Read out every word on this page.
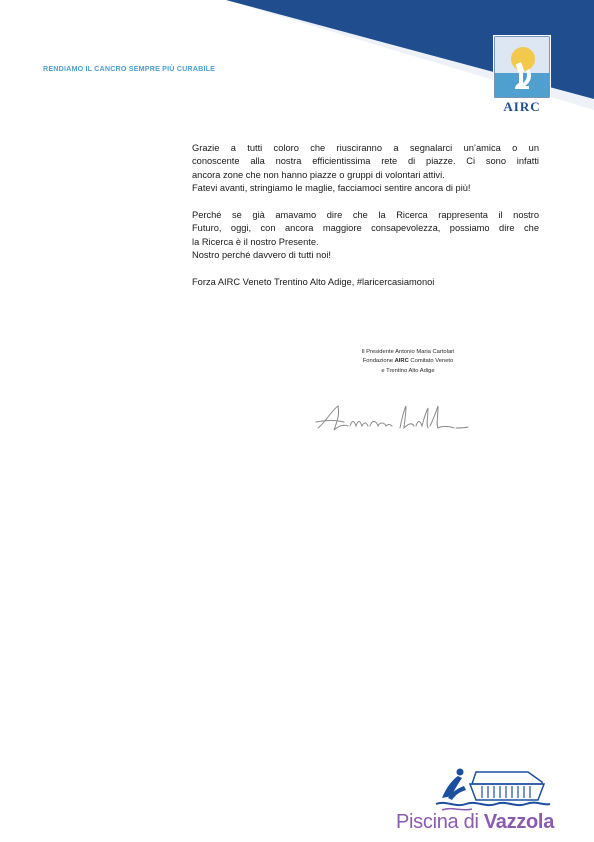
RENDIAMO IL CANCRO SEMPRE PIÙ CURABILE
AIRC

Grazie a tutti coloro che riusciranno a segnalarci un’amica o un
conoscente alla nostra efficientissima rete di piazze. Ci sono infatti
ancora zone che non hanno piazze o gruppi di volontari attivi.
Fatevi avanti, stringiamo le maglie, facciamoci sentire ancora di più!

Perché se già amavamo dire che la Ricerca rappresenta il nostro
Futuro, oggi, con ancora maggiore consapevolezza, possiamo dire che
la Ricerca è il nostro Presente.
Nostro perché davvero di tutti noi!

Forza AIRC Veneto Trentino Alto Adige, #laricercasiamonoi

Il Presidente Antonio Maria Cartolari
Fondazione AIRC Comitato Veneto
e Trentino Alto Adige
Piscina di Vazzola
